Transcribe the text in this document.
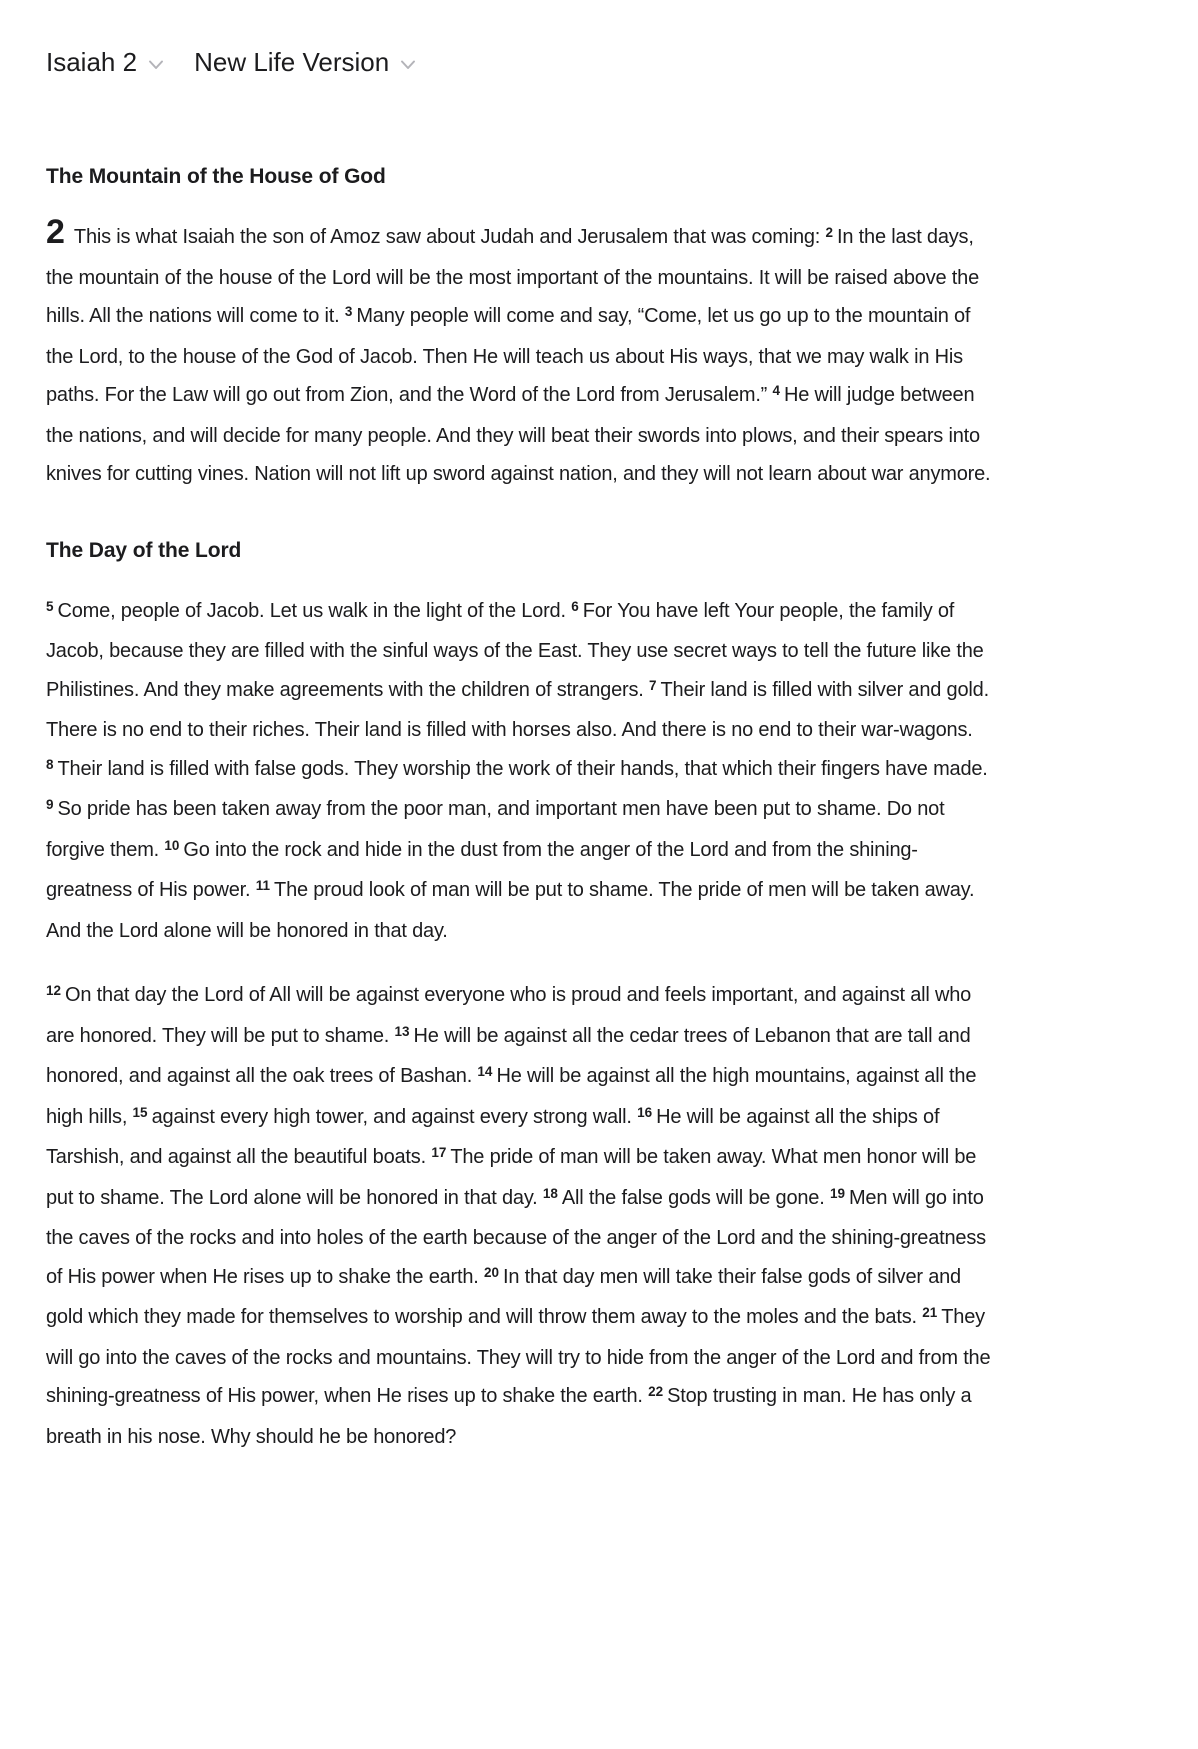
Isaiah 2 New Life Version
The Mountain of the House of God

2 This is what Isaiah the son of Amoz saw about Judah and Jerusalem that was coming: $^2$ In the last days, the mountain of the house of the Lord will be the most important of the mountains. It will be raised above the hills. All the nations will come to it. $^3$ Many people will come and say, “Come, let us go up to the mountain of the Lord, to the house of the God of Jacob. Then He will teach us about His ways, that we may walk in His paths. For the Law will go out from Zion, and the Word of the Lord from Jerusalem.” $^4$ He will judge between the nations, and will decide for many people. And they will beat their swords into plows, and their spears into knives for cutting vines. Nation will not lift up sword against nation, and they will not learn about war anymore.

The Day of the Lord

$^5$ Come, people of Jacob. Let us walk in the light of the Lord. $^6$ For You have left Your people, the family of Jacob, because they are filled with the sinful ways of the East. They use secret ways to tell the future like the Philistines. And they make agreements with the children of strangers. $^7$ Their land is filled with silver and gold. There is no end to their riches. Their land is filled with horses also. And there is no end to their war-wagons. $^8$ Their land is filled with false gods. They worship the work of their hands, that which their fingers have made. $^9$ So pride has been taken away from the poor man, and important men have been put to shame. Do not forgive them. $^{10}$ Go into the rock and hide in the dust from the anger of the Lord and from the shining-greatness of His power. $^{11}$ The proud look of man will be put to shame. The pride of men will be taken away. And the Lord alone will be honored in that day.

$^{12}$ On that day the Lord of All will be against everyone who is proud and feels important, and against all who are honored. They will be put to shame. $^{13}$ He will be against all the cedar trees of Lebanon that are tall and honored, and against all the oak trees of Bashan. $^{14}$ He will be against all the high mountains, against all the high hills, $^{15}$ against every high tower, and against every strong wall. $^{16}$ He will be against all the ships of Tarshish, and against all the beautiful boats. $^{17}$ The pride of man will be taken away. What men honor will be put to shame. The Lord alone will be honored in that day. $^{18}$ All the false gods will be gone. $^{19}$ Men will go into the caves of the rocks and into holes of the earth because of the anger of the Lord and the shining-greatness of His power when He rises up to shake the earth. $^{20}$ In that day men will take their false gods of silver and gold which they made for themselves to worship and will throw them away to the moles and the bats. $^{21}$ They will go into the caves of the rocks and mountains. They will try to hide from the anger of the Lord and from the shining-greatness of His power, when He rises up to shake the earth. $^{22}$ Stop trusting in man. He has only a breath in his nose. Why should he be honored?
